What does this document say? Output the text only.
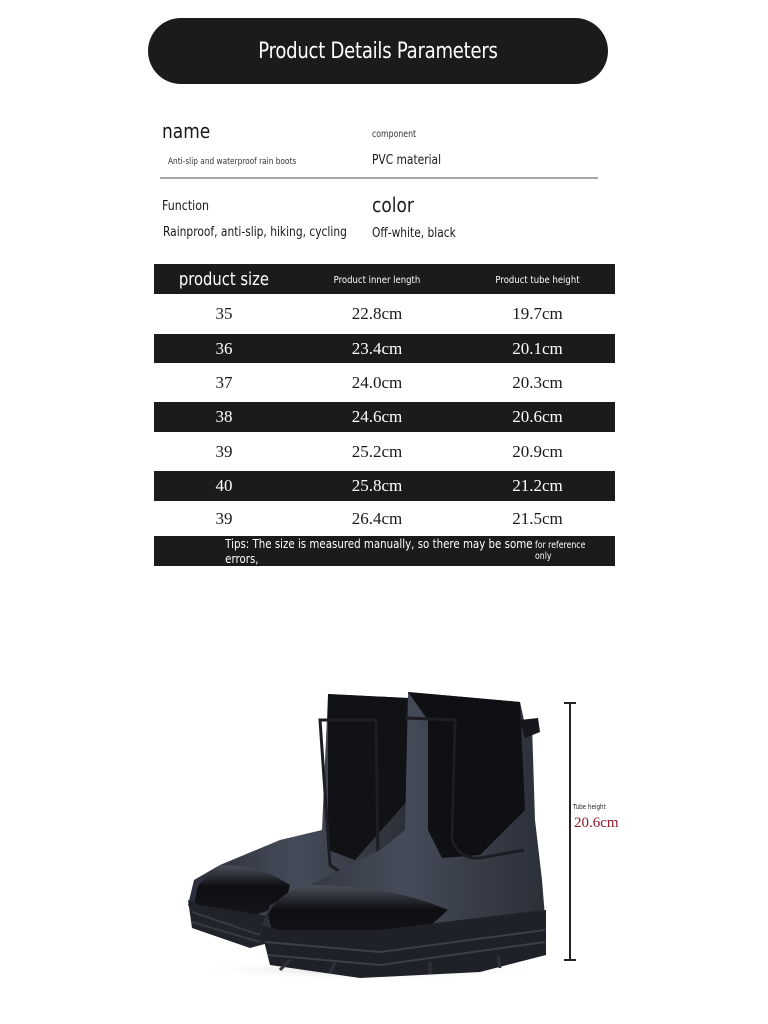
Product Details Parameters
name
Anti-slip and waterproof rain boots
component
PVC material
Function
Rainproof, anti-slip, hiking, cycling
color
Off-white, black
product size	Product inner length	Product tube height
35	22.8cm	19.7cm
36	23.4cm	20.1cm
37	24.0cm	20.3cm
38	24.6cm	20.6cm
39	25.2cm	20.9cm
40	25.8cm	21.2cm
39	26.4cm	21.5cm
Tips: The size is measured manually, so there may be some errors,
for reference only
Tube height
20.6cm
